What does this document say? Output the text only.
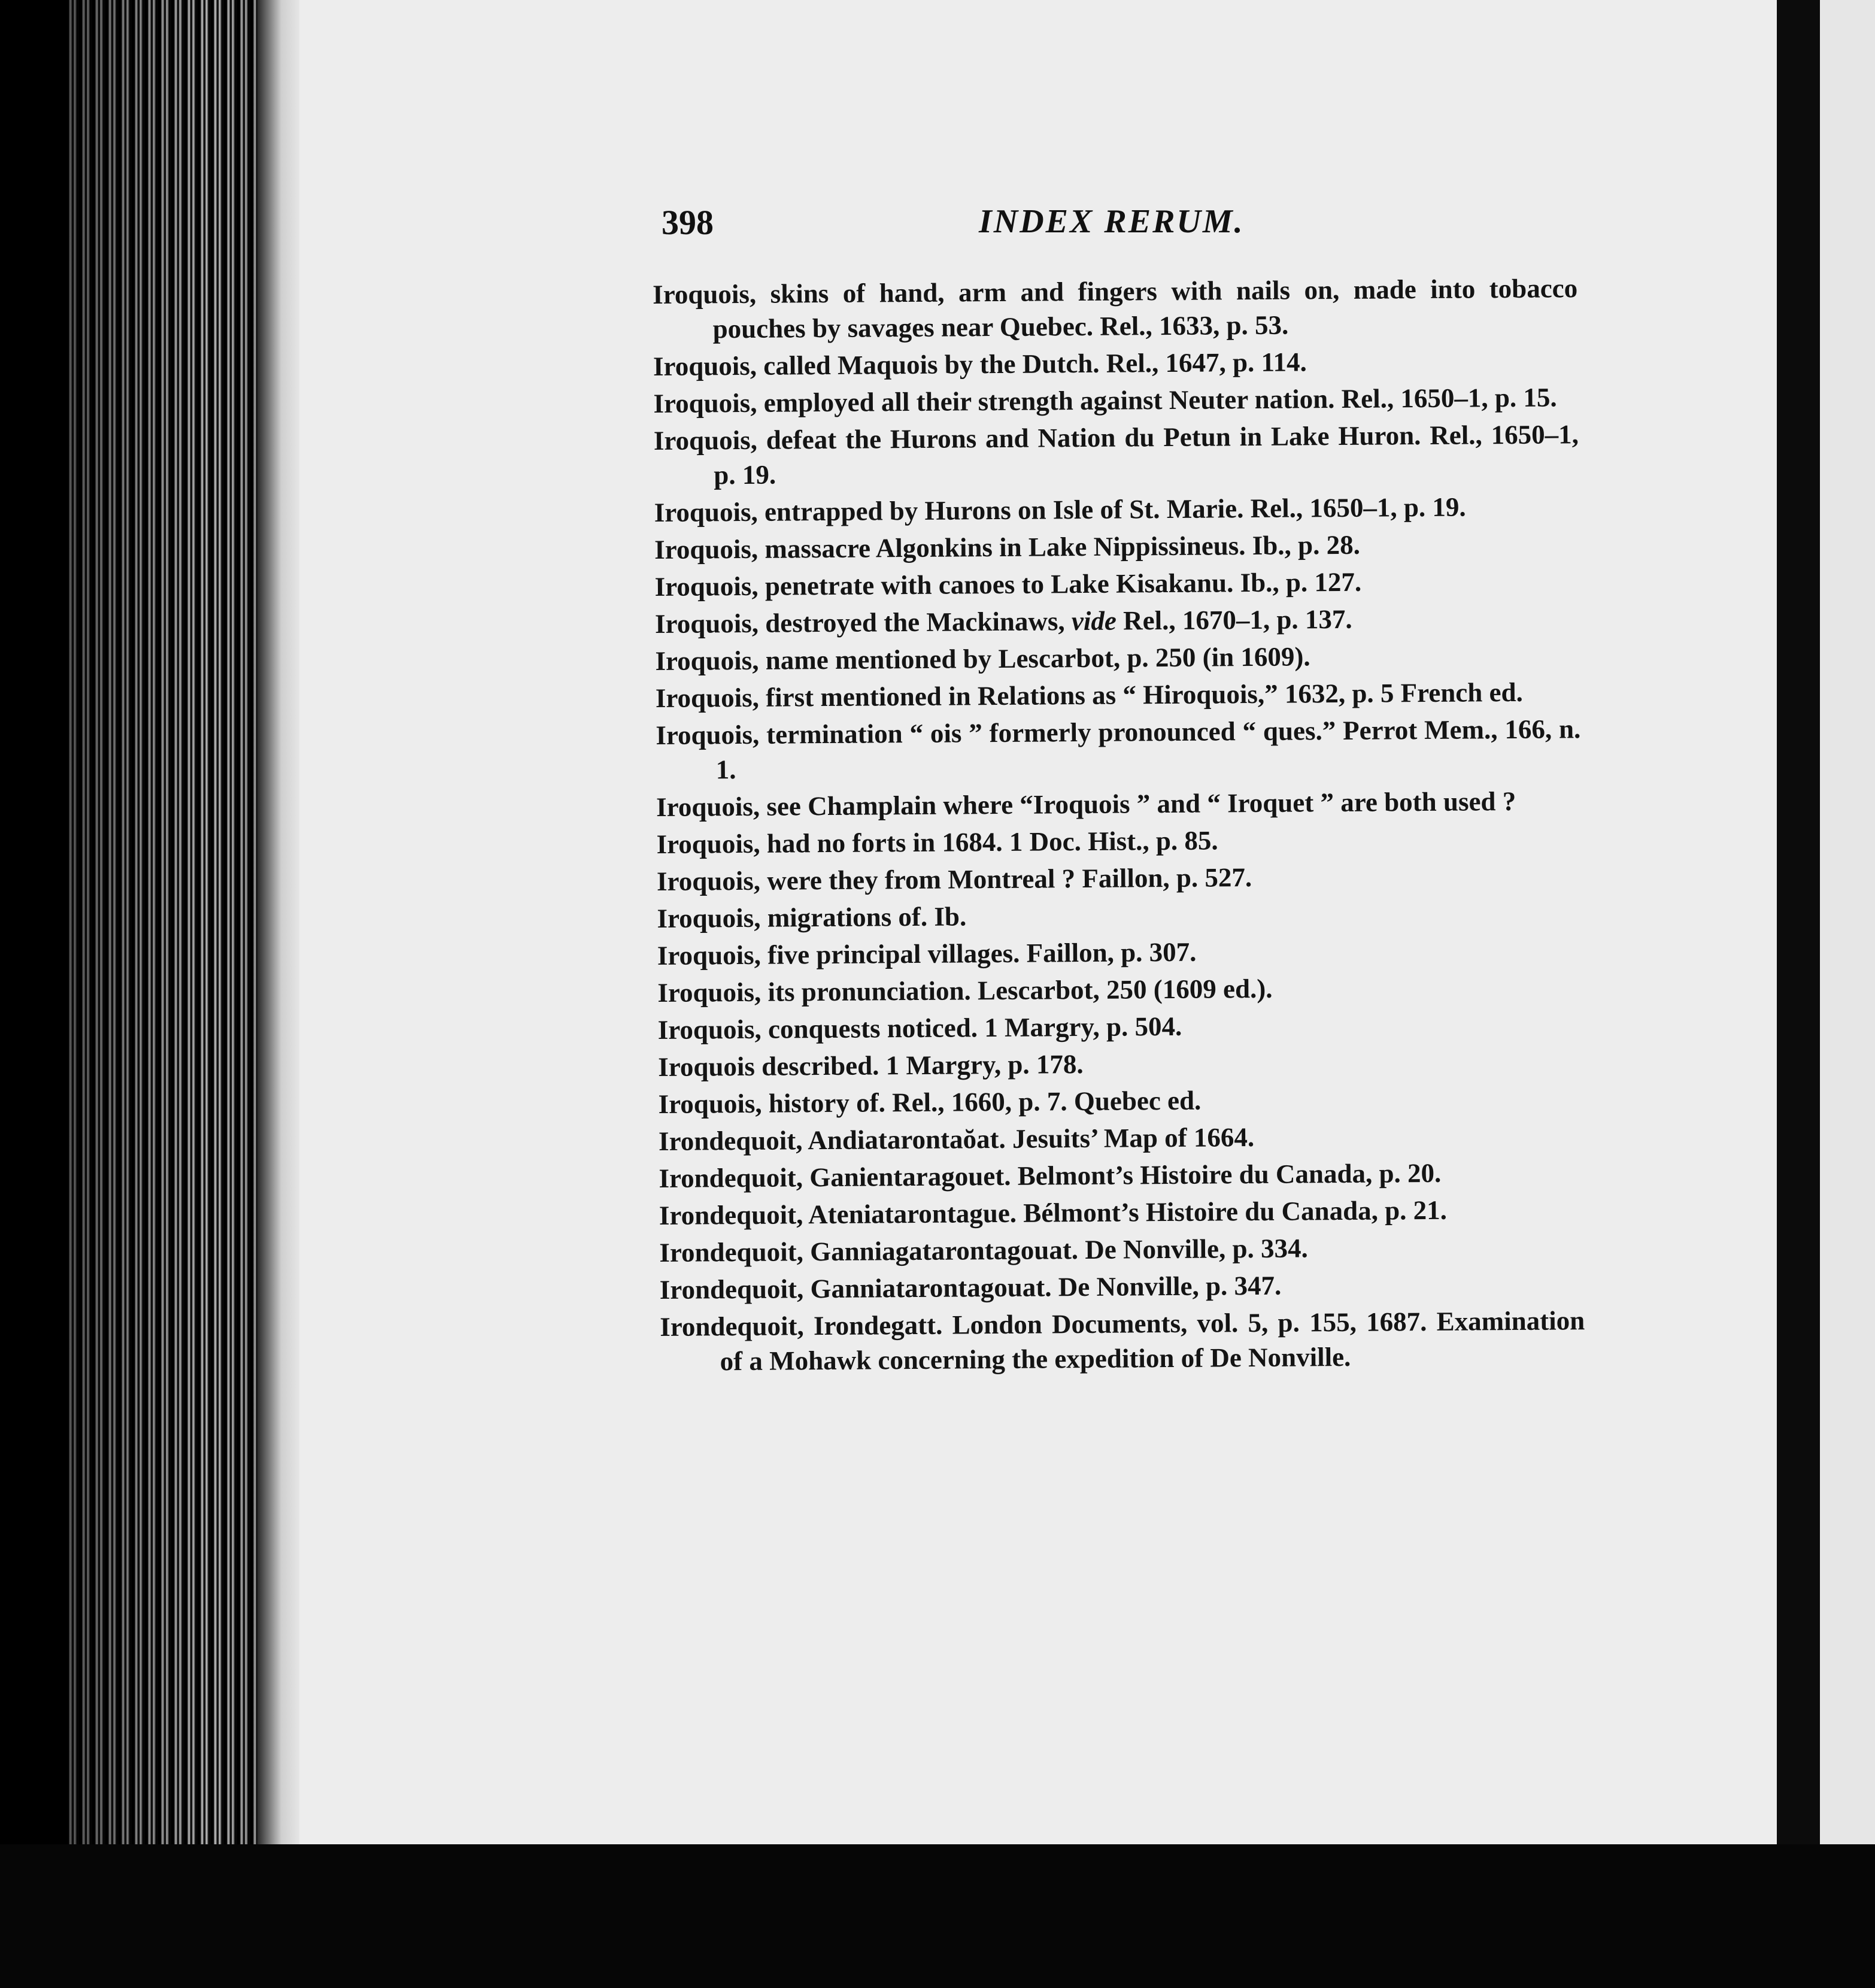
398	INDEX RERUM.

Iroquois, skins of hand, arm and fingers with nails on, made into tobacco pouches by savages near Quebec. Rel., 1633, p. 53.

Iroquois, called Maquois by the Dutch. Rel., 1647, p. 114.

Iroquois, employed all their strength against Neuter nation. Rel., 1650–1, p. 15.

Iroquois, defeat the Hurons and Nation du Petun in Lake Huron. Rel., 1650–1, p. 19.

Iroquois, entrapped by Hurons on Isle of St. Marie. Rel., 1650–1, p. 19.

Iroquois, massacre Algonkins in Lake Nippissineus. Ib., p. 28.

Iroquois, penetrate with canoes to Lake Kisakanu. Ib., p. 127.

Iroquois, destroyed the Mackinaws, vide Rel., 1670–1, p. 137.

Iroquois, name mentioned by Lescarbot, p. 250 (in 1609).

Iroquois, first mentioned in Relations as “ Hiroquois,” 1632, p. 5 French ed.

Iroquois, termination “ ois ” formerly pronounced “ ques.” Perrot Mem., 166, n. 1.

Iroquois, see Champlain where “Iroquois ” and “ Iroquet ” are both used ?

Iroquois, had no forts in 1684. 1 Doc. Hist., p. 85.

Iroquois, were they from Montreal ? Faillon, p. 527.

Iroquois, migrations of. Ib.

Iroquois, five principal villages. Faillon, p. 307.

Iroquois, its pronunciation. Lescarbot, 250 (1609 ed.).

Iroquois, conquests noticed. 1 Margry, p. 504.

Iroquois described. 1 Margry, p. 178.

Iroquois, history of. Rel., 1660, p. 7. Quebec ed.

Irondequoit, Andiatarontaŏat. Jesuits’ Map of 1664.

Irondequoit, Ganientaragouet. Belmont’s Histoire du Canada, p. 20.

Irondequoit, Ateniatarontague. Bélmont’s Histoire du Canada, p. 21.

Irondequoit, Ganniagatarontagouat. De Nonville, p. 334.

Irondequoit, Ganniatarontagouat. De Nonville, p. 347.

Irondequoit, Irondegatt. London Documents, vol. 5, p. 155, 1687. Examination of a Mohawk concerning the expedition of De Nonville.
